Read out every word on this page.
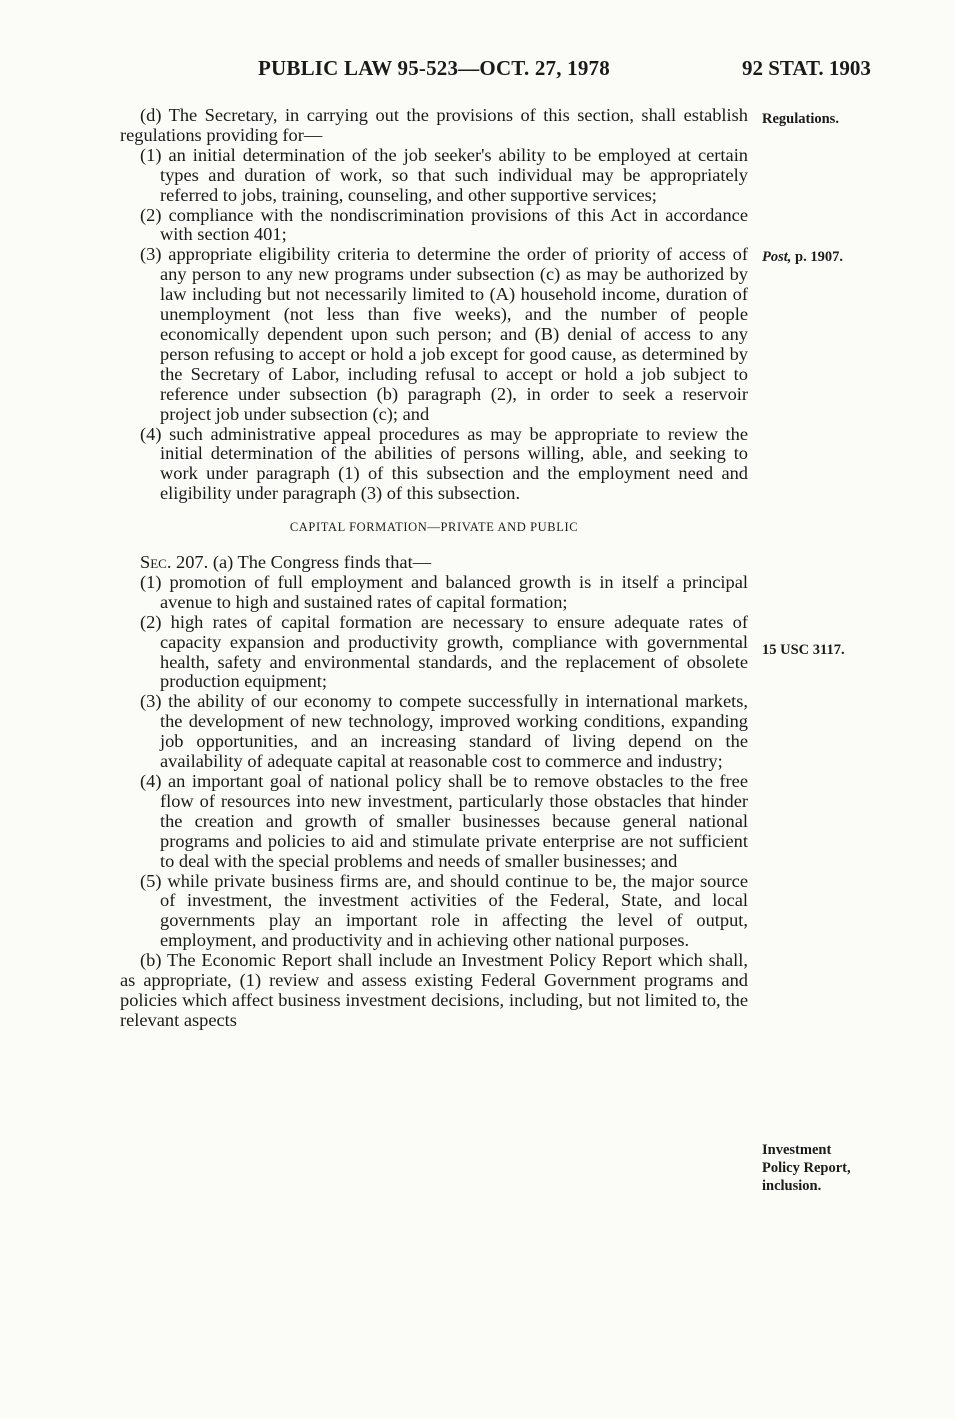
PUBLIC LAW 95-523—OCT. 27, 1978	92 STAT. 1903
Regulations.
Post, p. 1907.
15 USC 3117.
Investment Policy Report, inclusion.

(d) The Secretary, in carrying out the provisions of this section, shall establish regulations providing for—

(1) an initial determination of the job seeker's ability to be employed at certain types and duration of work, so that such individual may be appropriately referred to jobs, training, counseling, and other supportive services;

(2) compliance with the nondiscrimination provisions of this Act in accordance with section 401;

(3) appropriate eligibility criteria to determine the order of priority of access of any person to any new programs under subsection (c) as may be authorized by law including but not necessarily limited to (A) household income, duration of unemployment (not less than five weeks), and the number of people economically dependent upon such person; and (B) denial of access to any person refusing to accept or hold a job except for good cause, as determined by the Secretary of Labor, including refusal to accept or hold a job subject to reference under subsection (b) paragraph (2), in order to seek a reservoir project job under subsection (c); and

(4) such administrative appeal procedures as may be appropriate to review the initial determination of the abilities of persons willing, able, and seeking to work under paragraph (1) of this subsection and the employment need and eligibility under paragraph (3) of this subsection.

CAPITAL FORMATION—PRIVATE AND PUBLIC

Sec. 207. (a) The Congress finds that—

(1) promotion of full employment and balanced growth is in itself a principal avenue to high and sustained rates of capital formation;

(2) high rates of capital formation are necessary to ensure adequate rates of capacity expansion and productivity growth, compliance with governmental health, safety and environmental standards, and the replacement of obsolete production equipment;

(3) the ability of our economy to compete successfully in international markets, the development of new technology, improved working conditions, expanding job opportunities, and an increasing standard of living depend on the availability of adequate capital at reasonable cost to commerce and industry;

(4) an important goal of national policy shall be to remove obstacles to the free flow of resources into new investment, particularly those obstacles that hinder the creation and growth of smaller businesses because general national programs and policies to aid and stimulate private enterprise are not sufficient to deal with the special problems and needs of smaller businesses; and

(5) while private business firms are, and should continue to be, the major source of investment, the investment activities of the Federal, State, and local governments play an important role in affecting the level of output, employment, and productivity and in achieving other national purposes.

(b) The Economic Report shall include an Investment Policy Report which shall, as appropriate, (1) review and assess existing Federal Government programs and policies which affect business investment decisions, including, but not limited to, the relevant aspects
